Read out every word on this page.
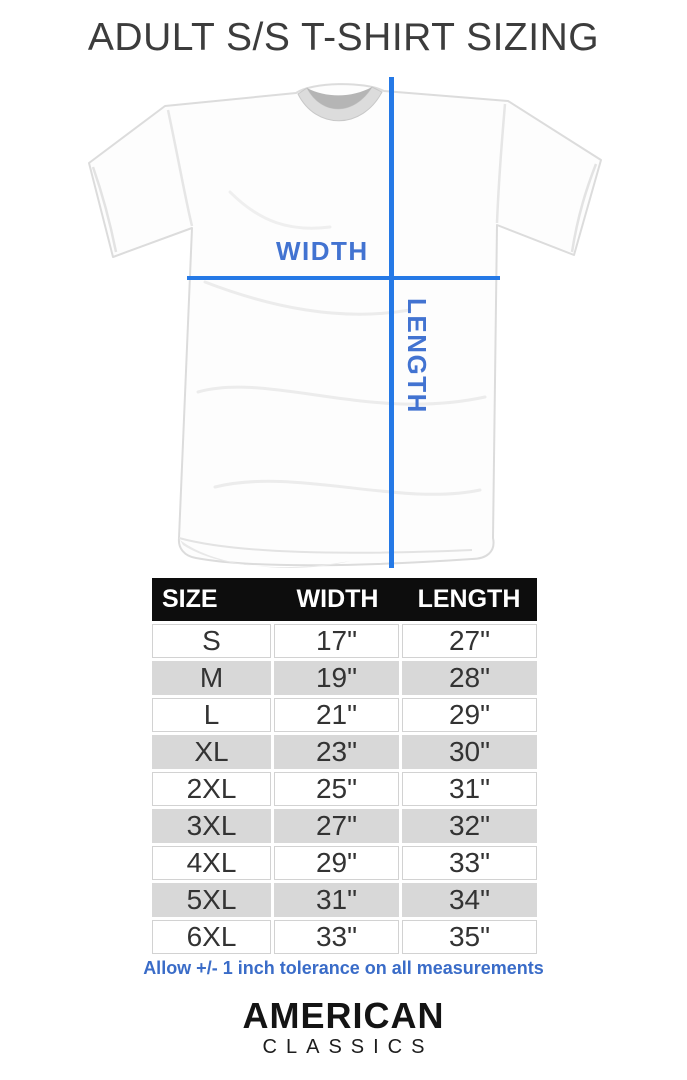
ADULT S/S T-SHIRT SIZING
WIDTH
LENGTH
SIZE	WIDTH	LENGTH
S	17"	27"
M	19"	28"
L	21"	29"
XL	23"	30"
2XL	25"	31"
3XL	27"	32"
4XL	29"	33"
5XL	31"	34"
6XL	33"	35"
Allow +/- 1 inch tolerance on all measurements
AMERICAN
CLASSICS
